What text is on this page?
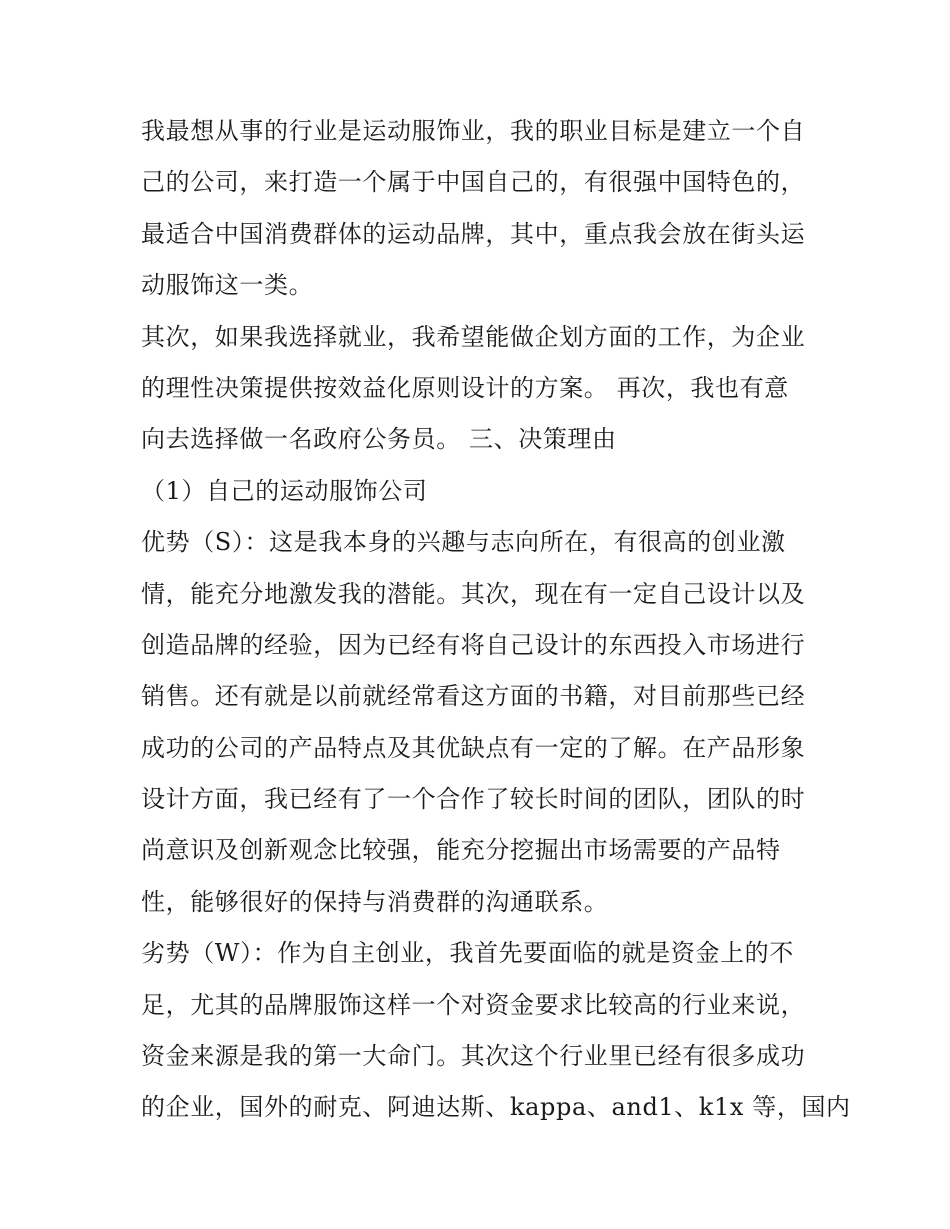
我最想从事的行业是运动服饰业，我的职业目标是建立一个自
己的公司，来打造一个属于中国自己的，有很强中国特色的，
最适合中国消费群体的运动品牌，其中，重点我会放在街头运
动服饰这一类。
其次，如果我选择就业，我希望能做企划方面的工作，为企业
的理性决策提供按效益化原则设计的方案。 再次，我也有意
向去选择做一名政府公务员。 三、决策理由
（1）自己的运动服饰公司
优势（S）：这是我本身的兴趣与志向所在，有很高的创业激
情，能充分地激发我的潜能。其次，现在有一定自己设计以及
创造品牌的经验，因为已经有将自己设计的东西投入市场进行
销售。还有就是以前就经常看这方面的书籍，对目前那些已经
成功的公司的产品特点及其优缺点有一定的了解。在产品形象
设计方面，我已经有了一个合作了较长时间的团队，团队的时
尚意识及创新观念比较强，能充分挖掘出市场需要的产品特
性，能够很好的保持与消费群的沟通联系。
劣势（W）：作为自主创业，我首先要面临的就是资金上的不
足，尤其的品牌服饰这样一个对资金要求比较高的行业来说，
资金来源是我的第一大命门。其次这个行业里已经有很多成功
的企业，国外的耐克、阿迪达斯、kappa、and1、k1x 等，国内
